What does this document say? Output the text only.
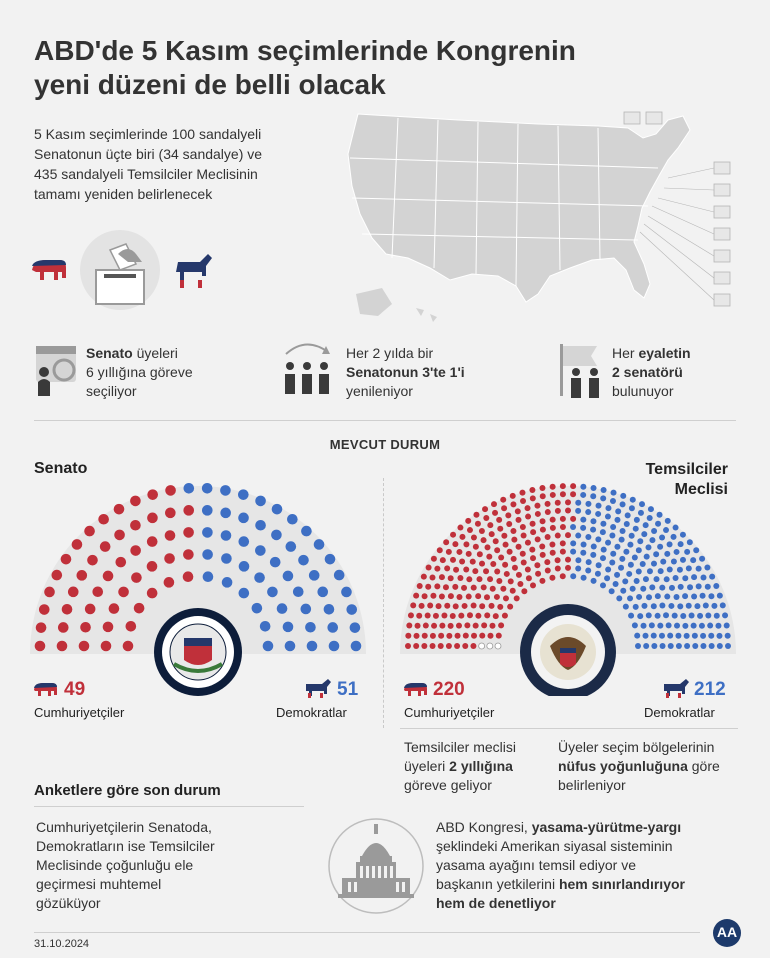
ABD'de 5 Kasım seçimlerinde Kongrenin
yeni düzeni de belli olacak
5 Kasım seçimlerinde 100 sandalyeli
Senatonun üçte biri (34 sandalye) ve
435 sandalyeli Temsilciler Meclisinin
tamamı yeniden belirlenecek
Senato üyeleri
6 yıllığına göreve
seçiliyor
Her 2 yılda bir
Senatonun 3'te 1'i
yenileniyor
Her eyaletin
2 senatörü
bulunuyor
MEVCUT DURUM
Senato	Temsilciler
Meclisi
49
Cumhuriyetçiler
51
Demokratlar
220
Cumhuriyetçiler
212
Demokratlar
Temsilciler meclisi
üyeleri 2 yıllığına
göreve geliyor
Üyeler seçim bölgelerinin
nüfus yoğunluğuna göre
belirleniyor
Anketlere göre son durum
Cumhuriyetçilerin Senatoda,
Demokratların ise Temsilciler
Meclisinde çoğunluğu ele
geçirmesi muhtemel
gözüküyor
ABD Kongresi, yasama-yürütme-yargı
şeklindeki Amerikan siyasal sisteminin
yasama ayağını temsil ediyor ve
başkanın yetkilerini hem sınırlandırıyor
hem de denetliyor
31.10.2024
AA
